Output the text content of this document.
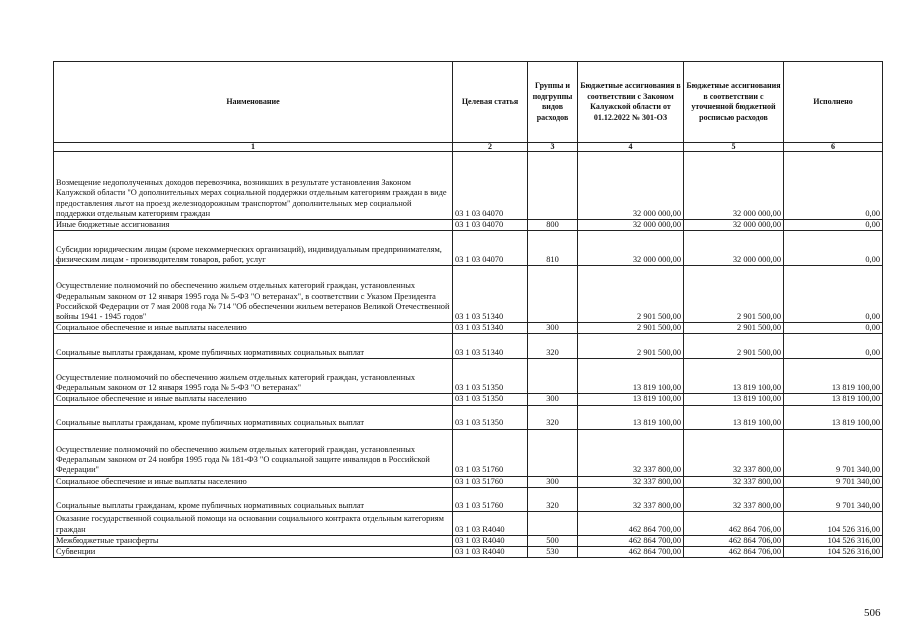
Наименование	Целевая статья	Группы и подгруппы видов расходов	Бюджетные ассигнования в соответствии с Законом Калужской области от 01.12.2022 № 301-ОЗ	Бюджетные ассигнования в соответствии с уточненной бюджетной росписью расходов	Исполнено
1	2	3	4	5	6
Возмещение недополученных доходов перевозчика, возникших в результате установления Законом Калужской области "О дополнительных мерах социальной поддержки отдельным категориям граждан в виде предоставления льгот на проезд железнодорожным транспортом" дополнительных мер социальной поддержки отдельным категориям граждан	03 1 03 04070		32 000 000,00	32 000 000,00	0,00
Иные бюджетные ассигнования	03 1 03 04070	800	32 000 000,00	32 000 000,00	0,00
Субсидии юридическим лицам (кроме некоммерческих организаций), индивидуальным предпринимателям, физическим лицам - производителям товаров, работ, услуг	03 1 03 04070	810	32 000 000,00	32 000 000,00	0,00
Осуществление полномочий по обеспечению жильем отдельных категорий граждан, установленных Федеральным законом от 12 января 1995 года № 5-ФЗ "О ветеранах", в соответствии с Указом Президента Российской Федерации от 7 мая 2008 года № 714 "Об обеспечении жильем ветеранов Великой Отечественной войны 1941 - 1945 годов"	03 1 03 51340		2 901 500,00	2 901 500,00	0,00
Социальное обеспечение и иные выплаты населению	03 1 03 51340	300	2 901 500,00	2 901 500,00	0,00
Социальные выплаты гражданам, кроме публичных нормативных социальных выплат	03 1 03 51340	320	2 901 500,00	2 901 500,00	0,00
Осуществление полномочий по обеспечению жильем отдельных категорий граждан, установленных Федеральным законом от 12 января 1995 года № 5-ФЗ "О ветеранах"	03 1 03 51350		13 819 100,00	13 819 100,00	13 819 100,00
Социальное обеспечение и иные выплаты населению	03 1 03 51350	300	13 819 100,00	13 819 100,00	13 819 100,00
Социальные выплаты гражданам, кроме публичных нормативных социальных выплат	03 1 03 51350	320	13 819 100,00	13 819 100,00	13 819 100,00
Осуществление полномочий по обеспечению жильем отдельных категорий граждан, установленных Федеральным законом от 24 ноября 1995 года № 181-ФЗ "О социальной защите инвалидов в Российской Федерации"	03 1 03 51760		32 337 800,00	32 337 800,00	9 701 340,00
Социальное обеспечение и иные выплаты населению	03 1 03 51760	300	32 337 800,00	32 337 800,00	9 701 340,00
Социальные выплаты гражданам, кроме публичных нормативных социальных выплат	03 1 03 51760	320	32 337 800,00	32 337 800,00	9 701 340,00
Оказание государственной социальной помощи на основании социального контракта отдельным категориям граждан	03 1 03 R4040		462 864 700,00	462 864 706,00	104 526 316,00
Межбюджетные трансферты	03 1 03 R4040	500	462 864 700,00	462 864 706,00	104 526 316,00
Субвенции	03 1 03 R4040	530	462 864 700,00	462 864 706,00	104 526 316,00
506
